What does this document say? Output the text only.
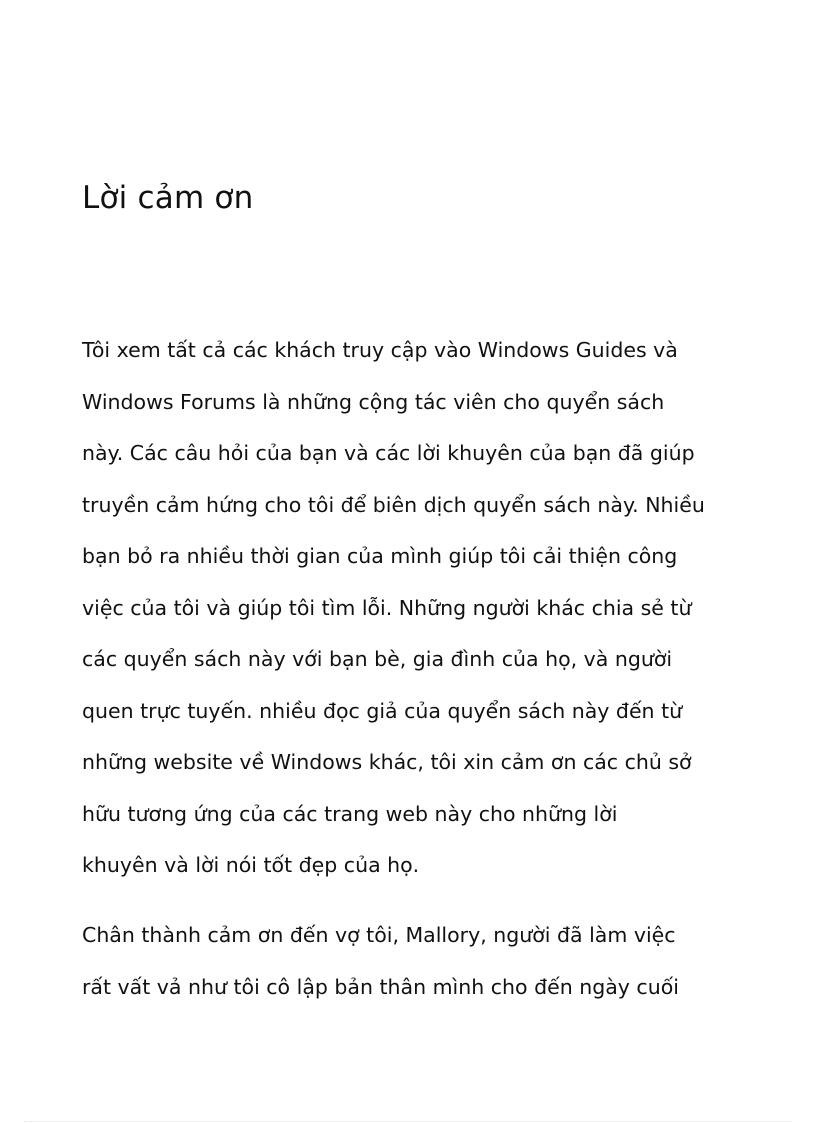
Lời cảm ơn
Tôi xem tất cả các khách truy cập vào Windows Guides và
Windows Forums là những cộng tác viên cho quyển sách
này. Các câu hỏi của bạn và các lời khuyên của bạn đã giúp
truyền cảm hứng cho tôi để biên dịch quyển sách này. Nhiều
bạn bỏ ra nhiều thời gian của mình giúp tôi cải thiện công
việc của tôi và giúp tôi tìm lỗi. Những người khác chia sẻ từ
các quyển sách này với bạn bè, gia đình của họ, và người
quen trực tuyến. nhiều đọc giả của quyển sách này đến từ
những website về Windows khác, tôi xin cảm ơn các chủ sở
hữu tương ứng của các trang web này cho những lời
khuyên và lời nói tốt đẹp của họ.
Chân thành cảm ơn đến vợ tôi, Mallory, người đã làm việc
rất vất vả như tôi cô lập bản thân mình cho đến ngày cuối
